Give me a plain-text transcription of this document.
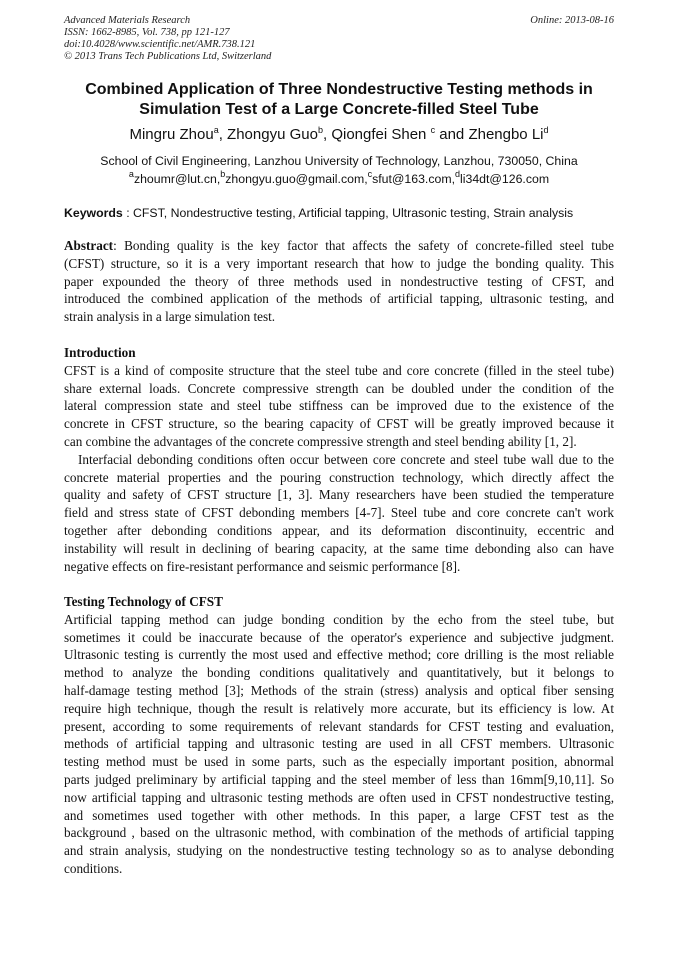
Advanced Materials Research
ISSN: 1662-8985, Vol. 738, pp 121-127
doi:10.4028/www.scientific.net/AMR.738.121
© 2013 Trans Tech Publications Ltd, Switzerland
Online: 2013-08-16
Combined Application of Three Nondestructive Testing methods in
Simulation Test of a Large Concrete-filled Steel Tube
Mingru Zhou$^a$, Zhongyu Guo$^b$, Qiongfei Shen $^c$ and Zhengbo Li$^d$
School of Civil Engineering, Lanzhou University of Technology, Lanzhou, 730050, China
$^a$zhoumr@lut.cn,$^b$zhongyu.guo@gmail.com,$^c$sfut@163.com,$^d$li34dt@126.com
Keywords : CFST, Nondestructive testing, Artificial tapping, Ultrasonic testing, Strain analysis
Abstract: Bonding quality is the key factor that affects the safety of concrete-filled steel tube
(CFST) structure, so it is a very important research that how to judge the bonding quality. This
paper expounded the theory of three methods used in nondestructive testing of CFST, and
introduced the combined application of the methods of artificial tapping, ultrasonic testing, and
strain analysis in a large simulation test.
Introduction
CFST is a kind of composite structure that the steel tube and core concrete (filled in the steel tube)
share external loads. Concrete compressive strength can be doubled under the condition of the
lateral compression state and steel tube stiffness can be improved due to the existence of the
concrete in CFST structure, so the bearing capacity of CFST will be greatly improved because it
can combine the advantages of the concrete compressive strength and steel bending ability [1, 2].
Interfacial debonding conditions often occur between core concrete and steel tube wall due to the
concrete material properties and the pouring construction technology, which directly affect the
quality and safety of CFST structure [1, 3]. Many researchers have been studied the temperature
field and stress state of CFST debonding members [4-7]. Steel tube and core concrete can't work
together after debonding conditions appear, and its deformation discontinuity, eccentric and
instability will result in declining of bearing capacity, at the same time debonding also can have
negative effects on fire-resistant performance and seismic performance [8].
Testing Technology of CFST
Artificial tapping method can judge bonding condition by the echo from the steel tube, but
sometimes it could be inaccurate because of the operator's experience and subjective judgment.
Ultrasonic testing is currently the most used and effective method; core drilling is the most reliable
method to analyze the bonding conditions qualitatively and quantitatively, but it belongs to
half-damage testing method [3]; Methods of the strain (stress) analysis and optical fiber sensing
require high technique, though the result is relatively more accurate, but its efficiency is low. At
present, according to some requirements of relevant standards for CFST testing and evaluation,
methods of artificial tapping and ultrasonic testing are used in all CFST members. Ultrasonic
testing method must be used in some parts, such as the especially important position, abnormal
parts judged preliminary by artificial tapping and the steel member of less than 16mm[9,10,11]. So
now artificial tapping and ultrasonic testing methods are often used in CFST nondestructive testing,
and sometimes used together with other methods. In this paper, a large CFST test as the
background , based on the ultrasonic method, with combination of the methods of artificial tapping
and strain analysis, studying on the nondestructive testing technology so as to analyse debonding
conditions.
